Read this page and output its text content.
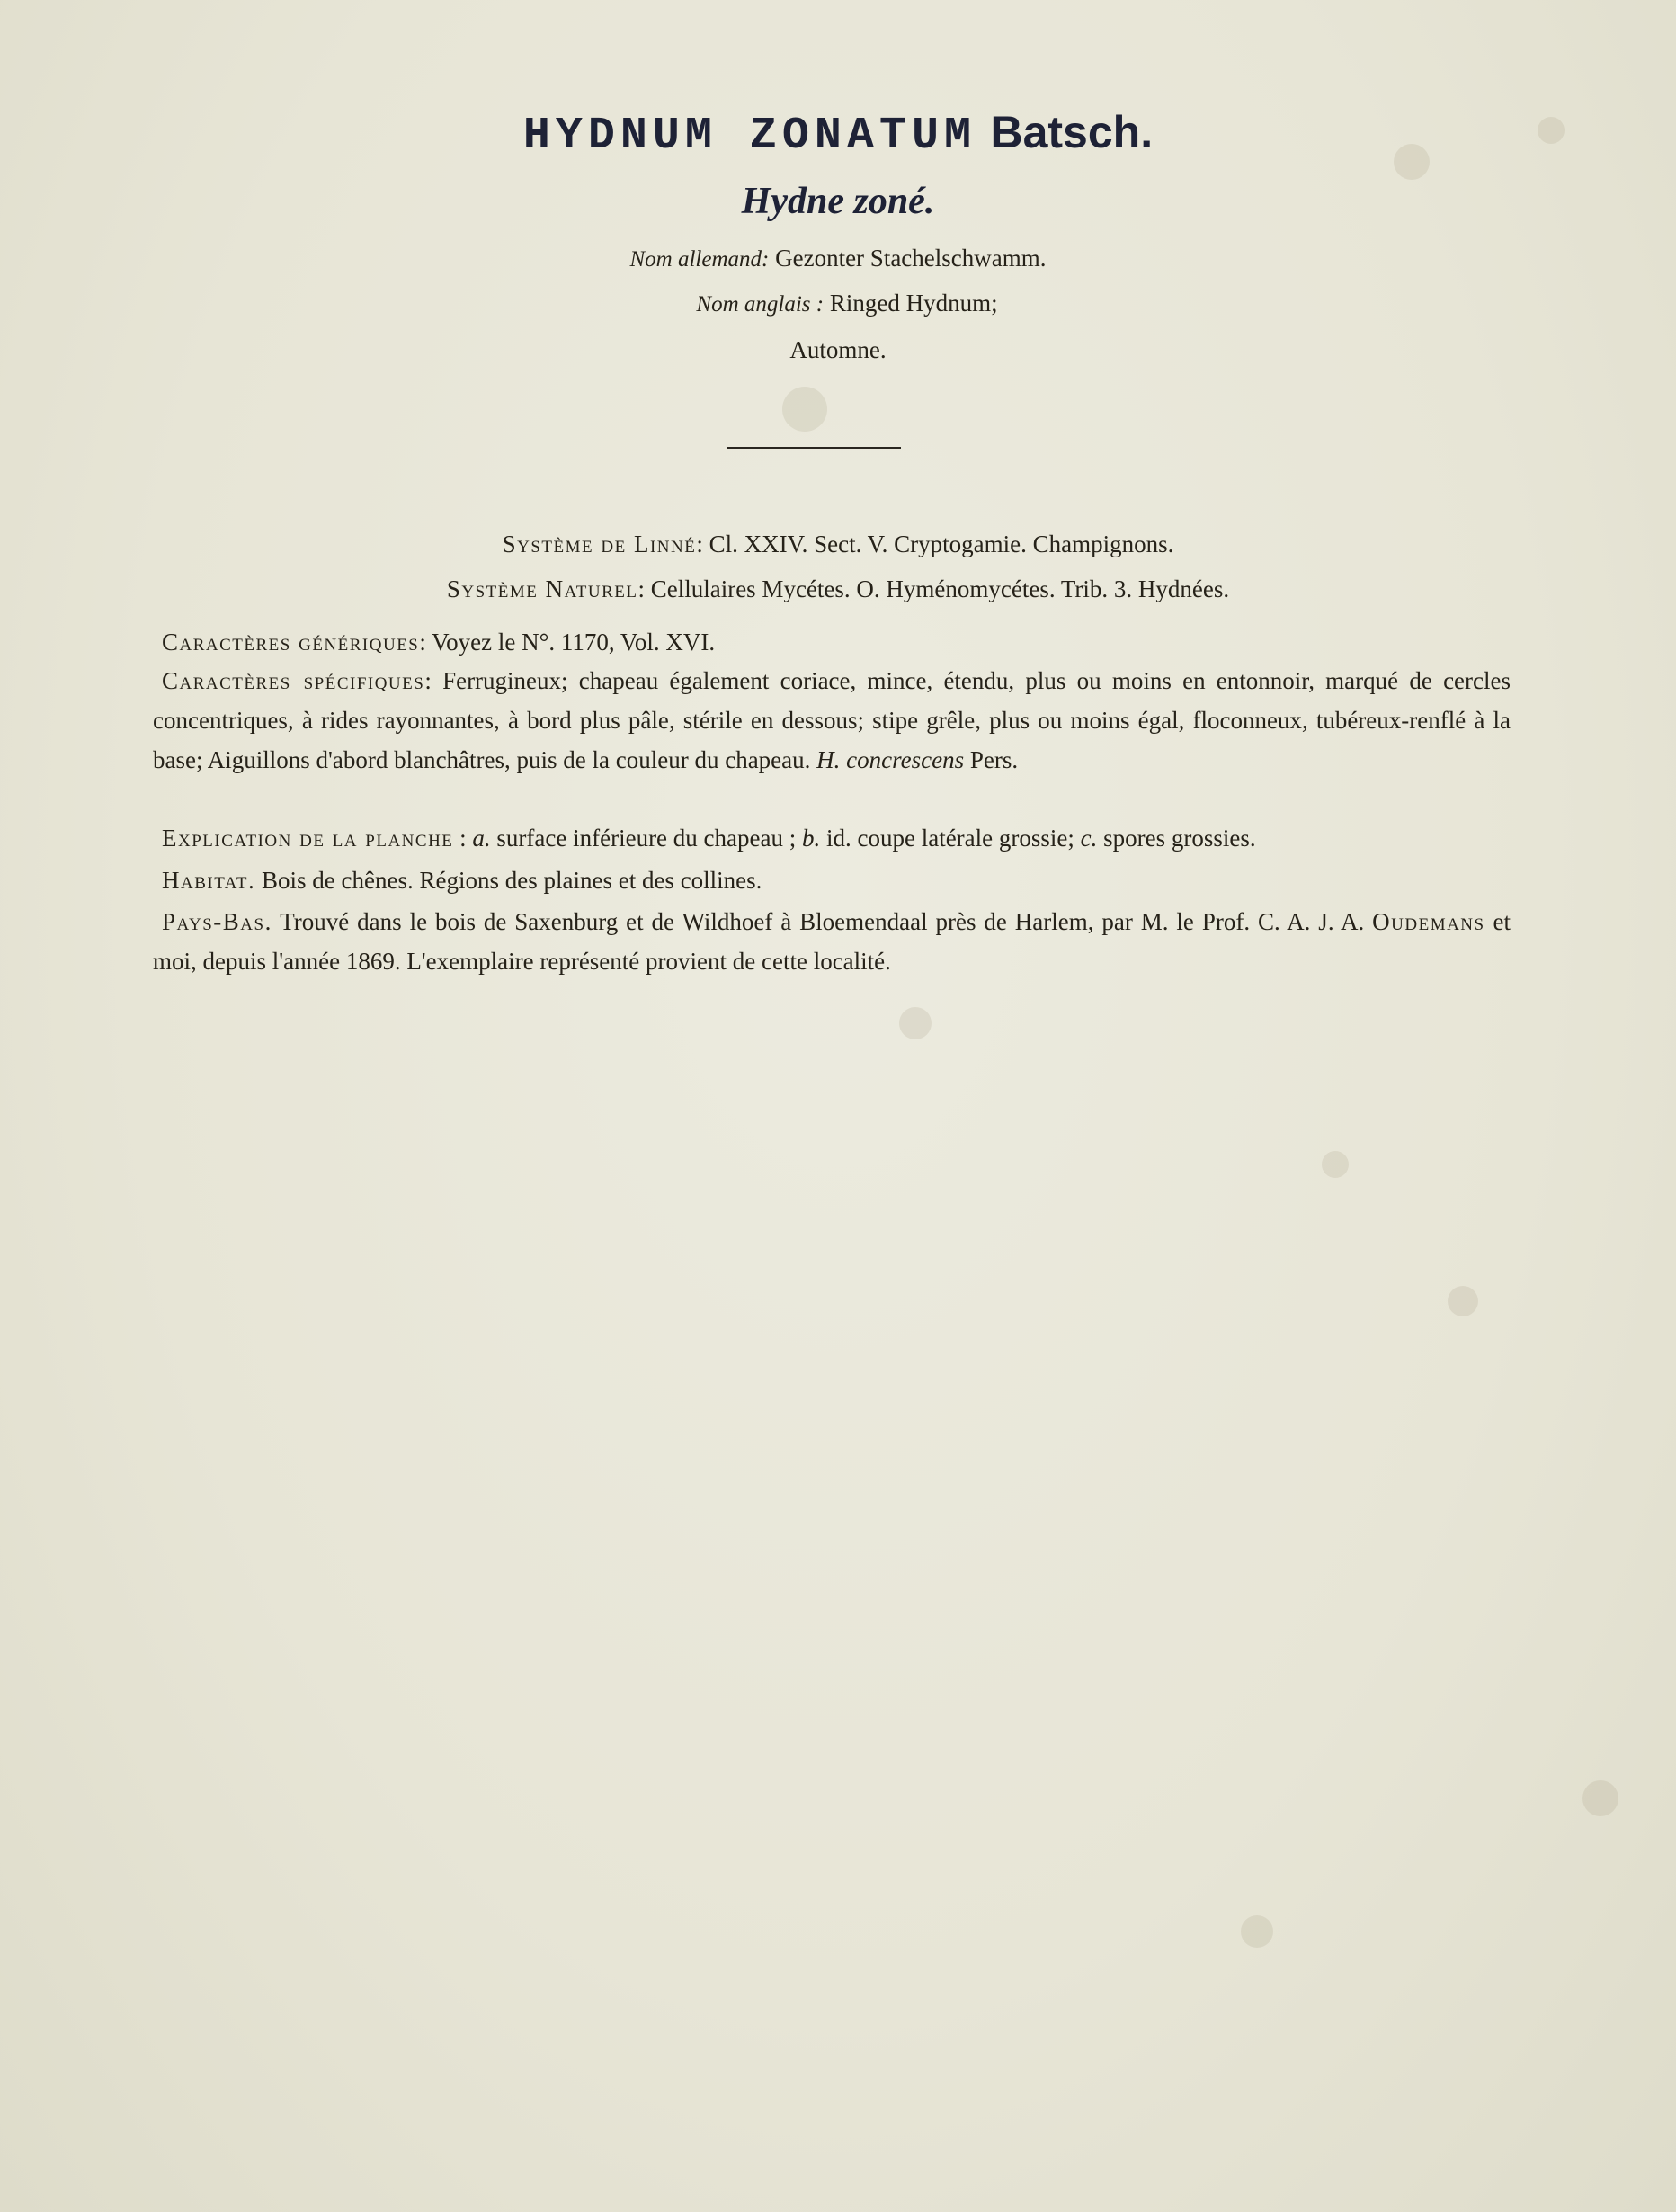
HYDNUM ZONATUM Batsch.
Hydne zoné.
Nom allemand: Gezonter Stachelschwamm.
Nom anglais : Ringed Hydnum;
Automne.
Système de Linné: Cl. XXIV. Sect. V. Cryptogamie. Champignons.
Système Naturel: Cellulaires Mycétes. O. Hyménomycétes. Trib. 3. Hydnées.
Caractères génériques: Voyez le N°. 1170, Vol. XVI.
Caractères spécifiques: Ferrugineux; chapeau également coriace, mince, étendu, plus ou moins en entonnoir, marqué de cercles concentriques, à rides rayonnantes, à bord plus pâle, stérile en dessous; stipe grêle, plus ou moins égal, floconneux, tubéreux-renflé à la base; Aiguillons d'abord blanchâtres, puis de la couleur du chapeau. H. concrescens Pers.
Explication de la planche : a. surface inférieure du chapeau ; b. id. coupe latérale grossie; c. spores grossies.
Habitat. Bois de chênes. Régions des plaines et des collines.
Pays-Bas. Trouvé dans le bois de Saxenburg et de Wildhoef à Bloemendaal près de Harlem, par M. le Prof. C. A. J. A. Oudemans et moi, depuis l'année 1869. L'exemplaire représenté provient de cette localité.
